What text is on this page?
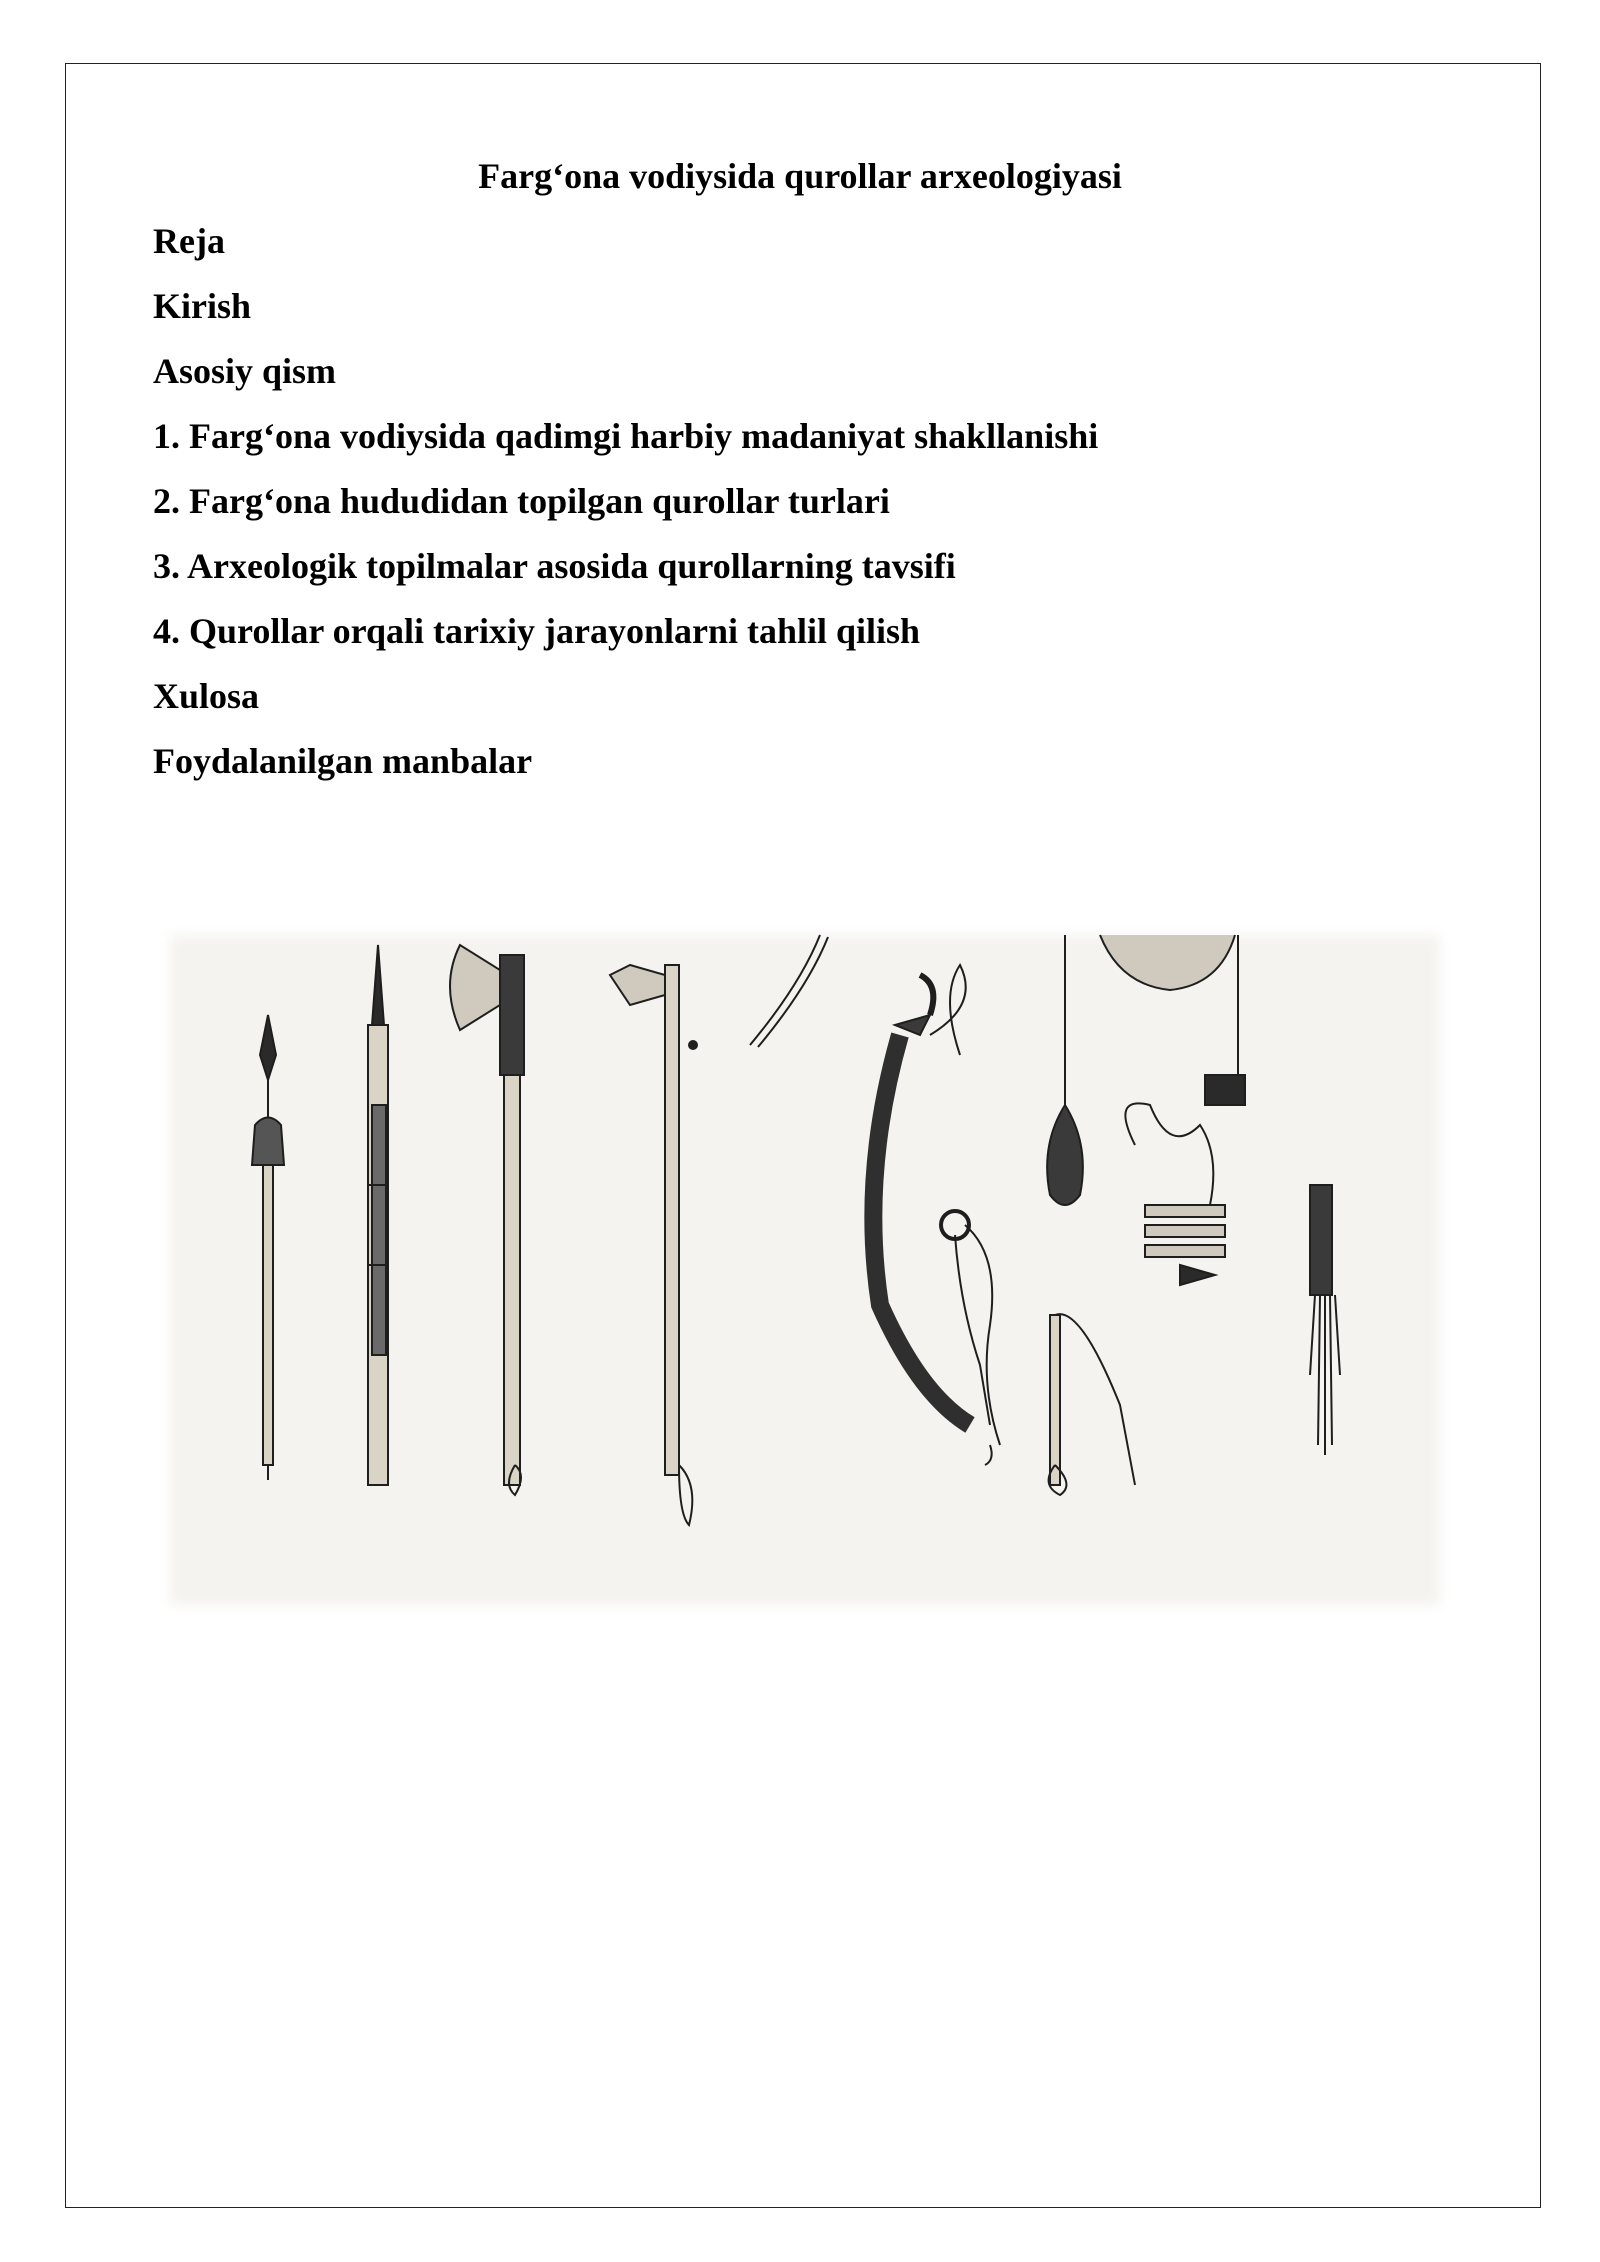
Farg‘ona vodiysida qurollar arxeologiyasi
Reja
Kirish
Asosiy qism
1. Farg‘ona vodiysida qadimgi harbiy madaniyat shakllanishi
2. Farg‘ona hududidan topilgan qurollar turlari
3. Arxeologik topilmalar asosida qurollarning tavsifi
4. Qurollar orqali tarixiy jarayonlarni tahlil qilish
Xulosa
Foydalanilgan manbalar
